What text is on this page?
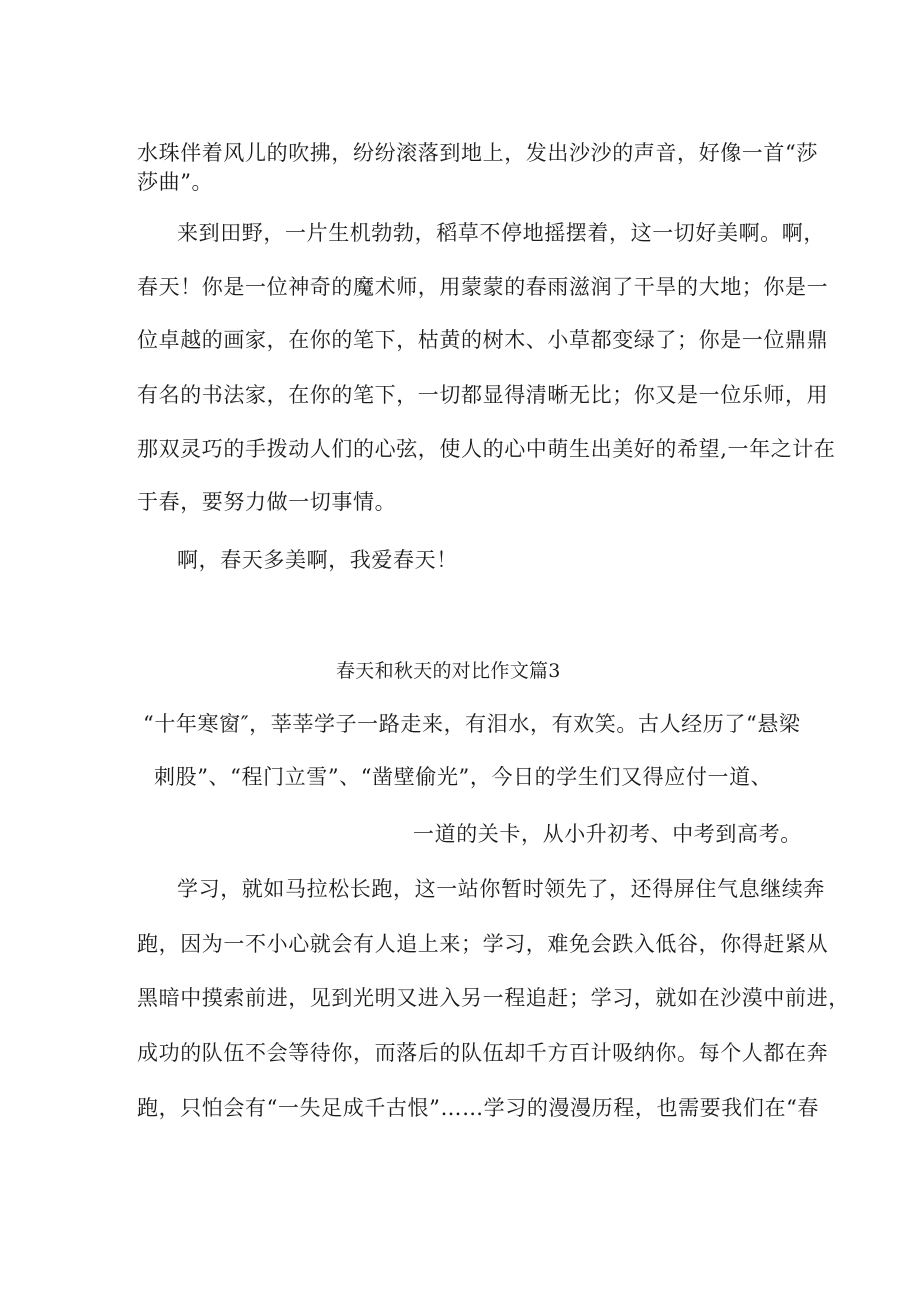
水珠伴着风儿的吹拂，纷纷滚落到地上，发出沙沙的声音，好像一首“莎
莎曲”。
来到田野，一片生机勃勃，稻草不停地摇摆着，这一切好美啊。啊，
春天！你是一位神奇的魔术师，用蒙蒙的春雨滋润了干旱的大地；你是一
位卓越的画家，在你的笔下，枯黄的树木、小草都变绿了；你是一位鼎鼎
有名的书法家，在你的笔下，一切都显得清晰无比；你又是一位乐师，用
那双灵巧的手拨动人们的心弦，使人的心中萌生出美好的希望,一年之计在
于春，要努力做一切事情。
啊，春天多美啊，我爱春天！
春天和秋天的对比作文篇3
“十年寒窗″，莘莘学子一路走来，有泪水，有欢笑。古人经历了“悬梁
刺股”、“程门立雪”、“凿壁偷光”，今日的学生们又得应付一道、
一道的关卡，从小升初考、中考到高考。
学习，就如马拉松长跑，这一站你暂时领先了，还得屏住气息继续奔
跑，因为一不小心就会有人追上来；学习，难免会跌入低谷，你得赶紧从
黑暗中摸索前进，见到光明又进入另一程追赶；学习，就如在沙漠中前进，
成功的队伍不会等待你，而落后的队伍却千方百计吸纳你。每个人都在奔
跑，只怕会有“一失足成千古恨”……学习的漫漫历程，也需要我们在“春
